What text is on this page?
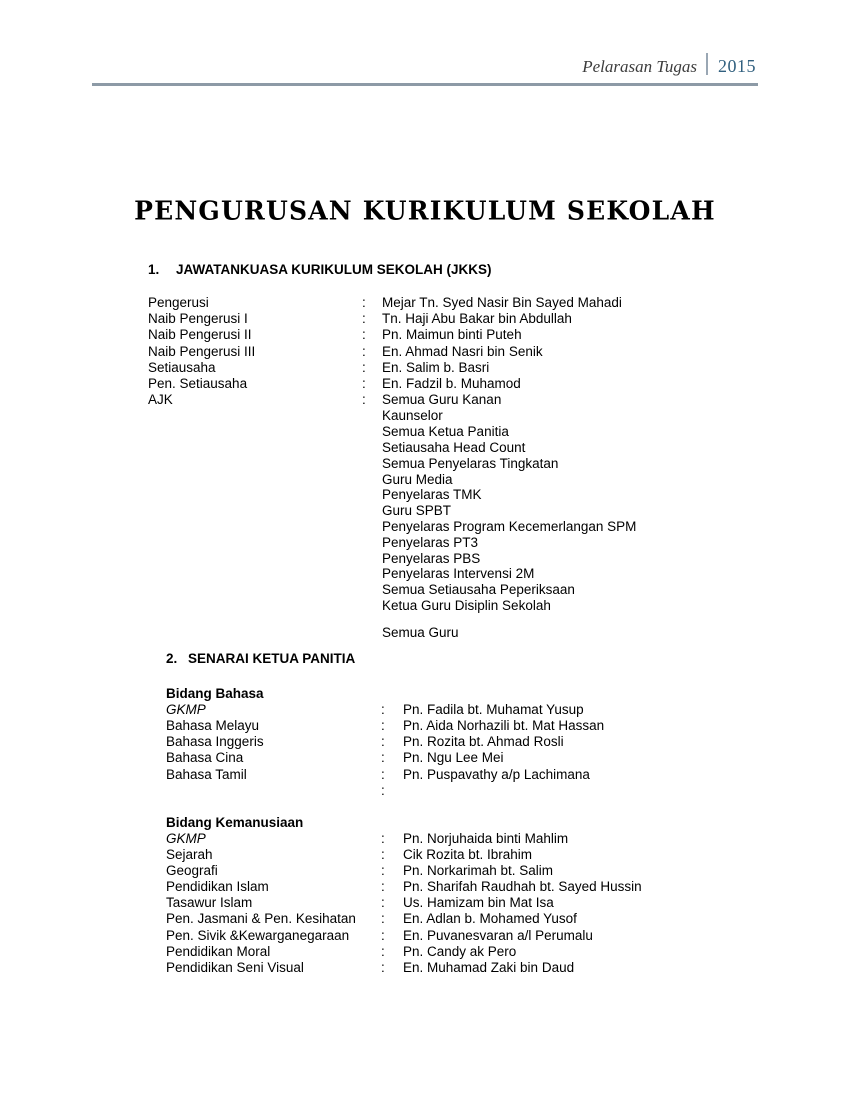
Pelarasan Tugas	2015
PENGURUSAN KURIKULUM SEKOLAH
1. JAWATANKUASA KURIKULUM SEKOLAH (JKKS)
Pengerusi	:	Mejar Tn. Syed Nasir Bin Sayed Mahadi
Naib Pengerusi I	:	Tn. Haji Abu Bakar bin Abdullah
Naib Pengerusi II	:	Pn. Maimun binti Puteh
Naib Pengerusi III	:	En. Ahmad Nasri bin Senik
Setiausaha	:	En. Salim b. Basri
Pen. Setiausaha	:	En. Fadzil b. Muhamod
AJK	:	Semua Guru Kanan
Kaunselor
Semua Ketua Panitia
Setiausaha Head Count
Semua Penyelaras Tingkatan
Guru Media
Penyelaras TMK
Guru SPBT
Penyelaras Program Kecemerlangan SPM
Penyelaras PT3
Penyelaras PBS
Penyelaras Intervensi 2M
Semua Setiausaha Peperiksaan
Ketua Guru Disiplin Sekolah
Semua Guru
2. SENARAI KETUA PANITIA
Bidang Bahasa
GKMP	:	Pn. Fadila bt. Muhamat Yusup
Bahasa Melayu	:	Pn. Aida Norhazili bt. Mat Hassan
Bahasa Inggeris	:	Pn. Rozita bt. Ahmad Rosli
Bahasa Cina	:	Pn. Ngu Lee Mei
Bahasa Tamil	:	Pn. Puspavathy a/p Lachimana
:
Bidang Kemanusiaan
GKMP	:	Pn. Norjuhaida binti Mahlim
Sejarah	:	Cik Rozita bt. Ibrahim
Geografi	:	Pn. Norkarimah bt. Salim
Pendidikan Islam	:	Pn. Sharifah Raudhah bt. Sayed Hussin
Tasawur Islam	:	Us. Hamizam bin Mat Isa
Pen. Jasmani & Pen. Kesihatan	:	En. Adlan b. Mohamed Yusof
Pen. Sivik &Kewarganegaraan	:	En. Puvanesvaran a/l Perumalu
Pendidikan Moral	:	Pn. Candy ak Pero
Pendidikan Seni Visual	:	En. Muhamad Zaki bin Daud
